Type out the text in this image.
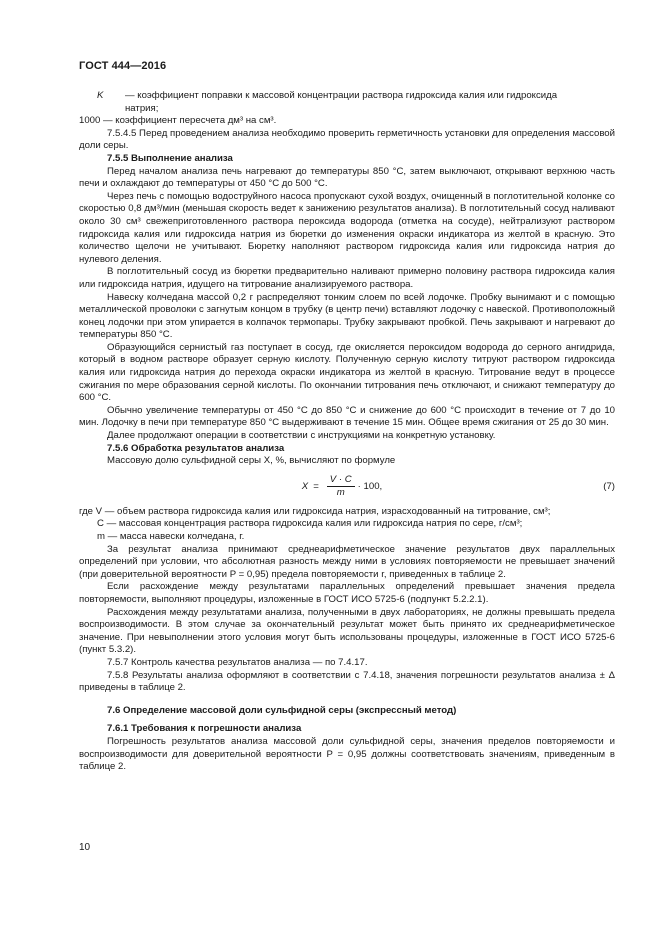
ГОСТ 444—2016
K	— коэффициент поправки к массовой концентрации раствора гидроксида калия или гидроксида
натрия;

1000 — коэффициент пересчета дм³ на см³.

7.5.4.5 Перед проведением анализа необходимо проверить герметичность установки для определения массовой доли серы.

7.5.5 Выполнение анализа

Перед началом анализа печь нагревают до температуры 850 °С, затем выключают, открывают верхнюю часть печи и охлаждают до температуры от 450 °С до 500 °С.

Через печь с помощью водоструйного насоса пропускают сухой воздух, очищенный в поглотительной колонке со скоростью 0,8 дм³/мин (меньшая скорость ведет к занижению результатов анализа). В поглотительный сосуд наливают около 30 см³ свежеприготовленного раствора пероксида водорода (отметка на сосуде), нейтрализуют раствором гидроксида калия или гидроксида натрия из бюретки до изменения окраски индикатора из желтой в красную. Это количество щелочи не учитывают. Бюретку наполняют раствором гидроксида калия или гидроксида натрия до нулевого деления.

В поглотительный сосуд из бюретки предварительно наливают примерно половину раствора гидроксида калия или гидроксида натрия, идущего на титрование анализируемого раствора.

Навеску колчедана массой 0,2 г распределяют тонким слоем по всей лодочке. Пробку вынимают и с помощью металлической проволоки с загнутым концом в трубку (в центр печи) вставляют лодочку с навеской. Противоположный конец лодочки при этом упирается в колпачок термопары. Трубку закрывают пробкой. Печь закрывают и нагревают до температуры 850 °С.

Образующийся сернистый газ поступает в сосуд, где окисляется пероксидом водорода до серного ангидрида, который в водном растворе образует серную кислоту. Полученную серную кислоту титруют раствором гидроксида калия или гидроксида натрия до перехода окраски индикатора из желтой в красную. Титрование ведут в процессе сжигания по мере образования серной кислоты. По окончании титрования печь отключают, и снижают температуру до 600 °С.

Обычно увеличение температуры от 450 °С до 850 °С и снижение до 600 °С происходит в течение от 7 до 10 мин. Лодочку в печи при температуре 850 °С выдерживают в течение 15 мин. Общее время сжигания от 25 до 30 мин.

Далее продолжают операции в соответствии с инструкциями на конкретную установку.

7.5.6 Обработка результатов анализа

Массовую долю сульфидной серы X, %, вычисляют по формуле

$X = \frac{V \cdot C}{m} \cdot 100$,	(7)

где V — объем раствора гидроксида калия или гидроксида натрия, израсходованный на титрование, см³;

C — массовая концентрация раствора гидроксида калия или гидроксида натрия по сере, г/см³;

m — масса навески колчедана, г.

За результат анализа принимают среднеарифметическое значение результатов двух параллельных определений при условии, что абсолютная разность между ними в условиях повторяемости не превышает значений (при доверительной вероятности P = 0,95) предела повторяемости r, приведенных в таблице 2.

Если расхождение между результатами параллельных определений превышает значения предела повторяемости, выполняют процедуры, изложенные в ГОСТ ИСО 5725-6 (подпункт 5.2.2.1).

Расхождения между результатами анализа, полученными в двух лабораториях, не должны превышать предела воспроизводимости. В этом случае за окончательный результат может быть принято их среднеарифметическое значение. При невыполнении этого условия могут быть использованы процедуры, изложенные в ГОСТ ИСО 5725-6 (пункт 5.3.2).

7.5.7 Контроль качества результатов анализа — по 7.4.17.

7.5.8 Результаты анализа оформляют в соответствии с 7.4.18, значения погрешности результатов анализа ± Δ приведены в таблице 2.

7.6 Определение массовой доли сульфидной серы (экспрессный метод)

7.6.1 Требования к погрешности анализа

Погрешность результатов анализа массовой доли сульфидной серы, значения пределов повторяемости и воспроизводимости для доверительной вероятности P = 0,95 должны соответствовать значениям, приведенным в таблице 2.

10
